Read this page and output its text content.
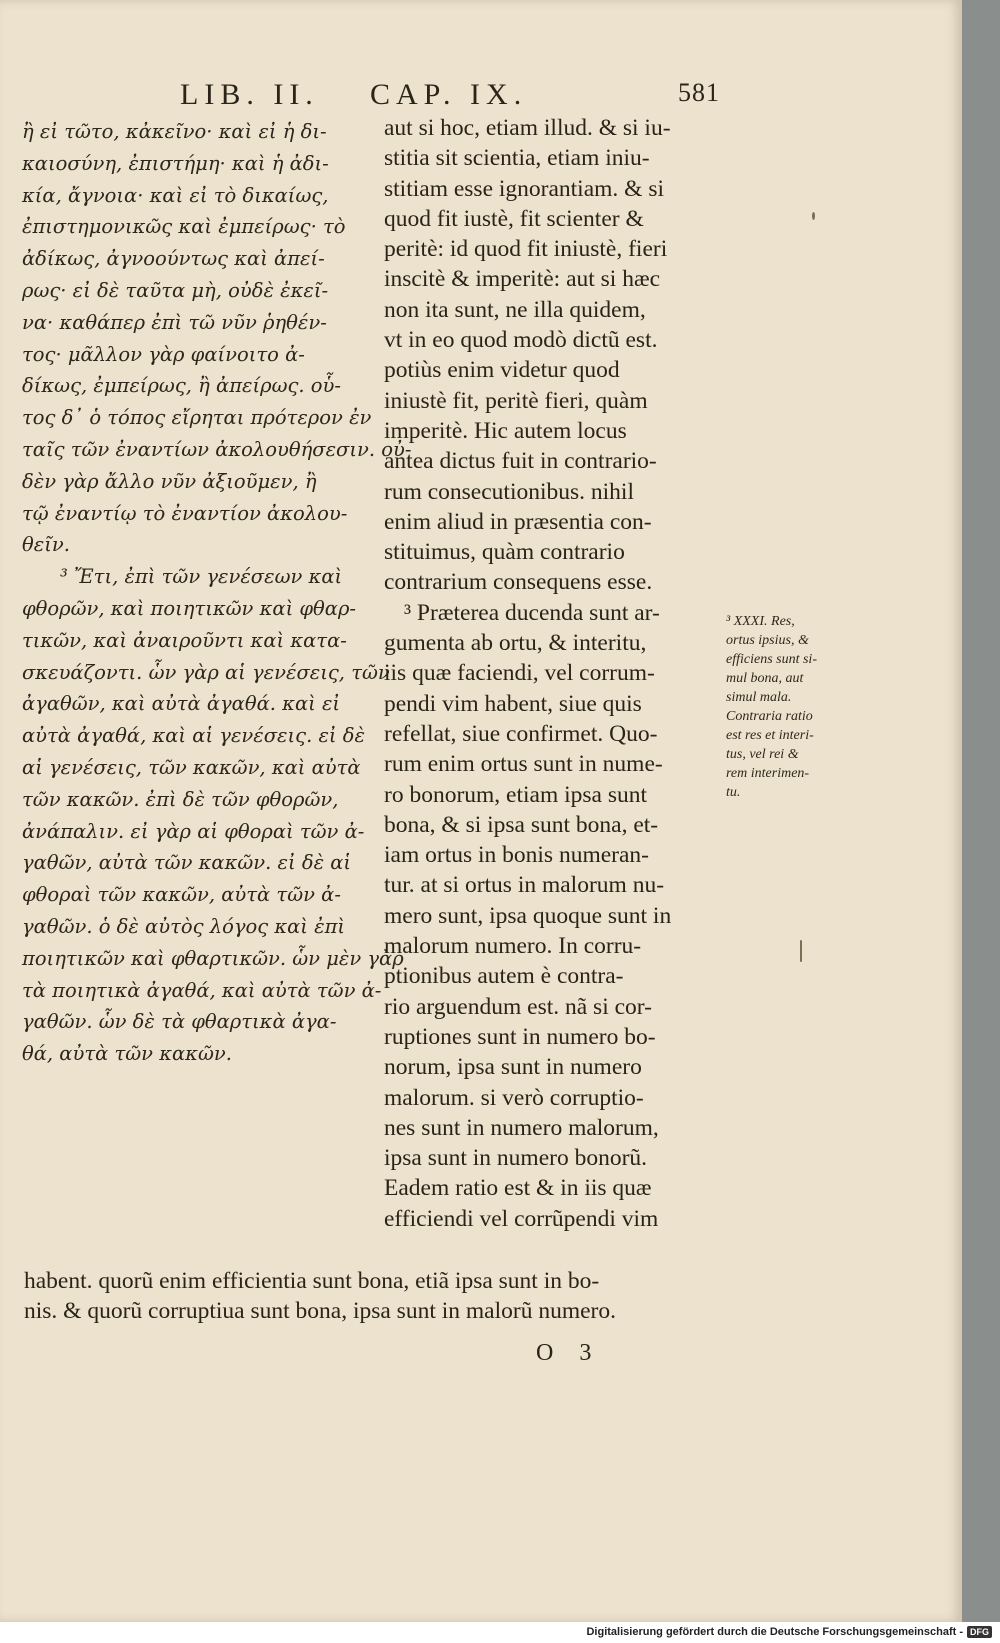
LIB. II. CAP. IX.	581
ἢ εἰ τῶτο, κἀκεῖνο· καὶ εἰ ἡ δι-
καιοσύνη, ἐπιστήμη· καὶ ἡ ἀδι-
κία, ἄγνοια· καὶ εἰ τὸ δικαίως,
ἐπιστημονικῶς καὶ ἐμπείρως· τὸ
ἀδίκως, ἀγνοούντως καὶ ἀπεί-
ρως· εἰ δὲ ταῦτα μὴ, οὐδὲ ἐκεῖ-
να· καθάπερ ἐπὶ τῶ νῦν ῥηθέν-
τος· μᾶλλον γὰρ φαίνοιτο ἀ-
δίκως, ἐμπείρως, ἢ ἀπείρως. οὗ-
τος δ᾽ ὁ τόπος εἴρηται πρότερον ἐν
ταῖς τῶν ἐναντίων ἀκολουθήσεσιν. οὐ-
δὲν γὰρ ἄλλο νῦν ἀξιοῦμεν, ἢ
τῷ ἐναντίῳ τὸ ἐναντίον ἀκολου-
θεῖν.
³ Ἔτι, ἐπὶ τῶν γενέσεων καὶ
φθορῶν, καὶ ποιητικῶν καὶ φθαρ-
τικῶν, καὶ ἀναιροῦντι καὶ κατα-
σκευάζοντι. ὧν γὰρ αἱ γενέσεις, τῶν
ἀγαθῶν, καὶ αὐτὰ ἀγαθά. καὶ εἰ
αὐτὰ ἀγαθά, καὶ αἱ γενέσεις. εἰ δὲ
αἱ γενέσεις, τῶν κακῶν, καὶ αὐτὰ
τῶν κακῶν. ἐπὶ δὲ τῶν φθορῶν,
ἀνάπαλιν. εἰ γὰρ αἱ φθοραὶ τῶν ἀ-
γαθῶν, αὐτὰ τῶν κακῶν. εἰ δὲ αἱ
φθοραὶ τῶν κακῶν, αὐτὰ τῶν ἀ-
γαθῶν. ὁ δὲ αὐτὸς λόγος καὶ ἐπὶ
ποιητικῶν καὶ φθαρτικῶν. ὧν μὲν γὰρ
τὰ ποιητικὰ ἀγαθά, καὶ αὐτὰ τῶν ἀ-
γαθῶν. ὧν δὲ τὰ φθαρτικὰ ἀγα-
θά, αὐτὰ τῶν κακῶν.
aut si hoc, etiam illud. & si iu-
stitia sit scientia, etiam iniu-
stitiam esse ignorantiam. & si
quod fit iustè, fit scienter &
peritè: id quod fit iniustè, fieri
inscitè & imperitè: aut si hæc
non ita sunt, ne illa quidem,
vt in eo quod modò dictũ est.
potiùs enim videtur quod
iniustè fit, peritè fieri, quàm
imperitè. Hic autem locus
antea dictus fuit in contrario-
rum consecutionibus. nihil
enim aliud in præsentia con-
stituimus, quàm contrario
contrarium consequens esse.
³ Præterea ducenda sunt ar-
gumenta ab ortu, & interitu,
iis quæ faciendi, vel corrum-
pendi vim habent, siue quis
refellat, siue confirmet. Quo-
rum enim ortus sunt in nume-
ro bonorum, etiam ipsa sunt
bona, & si ipsa sunt bona, et-
iam ortus in bonis numeran-
tur. at si ortus in malorum nu-
mero sunt, ipsa quoque sunt in
malorum numero. In corru-
ptionibus autem è contra-
rio arguendum est. nã si cor-
ruptiones sunt in numero bo-
norum, ipsa sunt in numero
malorum. si verò corruptio-
nes sunt in numero malorum,
ipsa sunt in numero bonorũ.
Eadem ratio est & in iis quæ
efficiendi vel corrũpendi vim
habent. quorũ enim efficientia sunt bona, etiã ipsa sunt in bo-
nis. & quorũ corruptiua sunt bona, ipsa sunt in malorũ numero.
³ XXXI. Res,
ortus ipsius, &
efficiens sunt si-
mul bona, aut
simul mala.
Contraria ratio
est res et interi-
tus, vel rei &
rem interimen-
tu.
O 3
Digitalisierung gefördert durch die Deutsche Forschungsgemeinschaft - DFG
